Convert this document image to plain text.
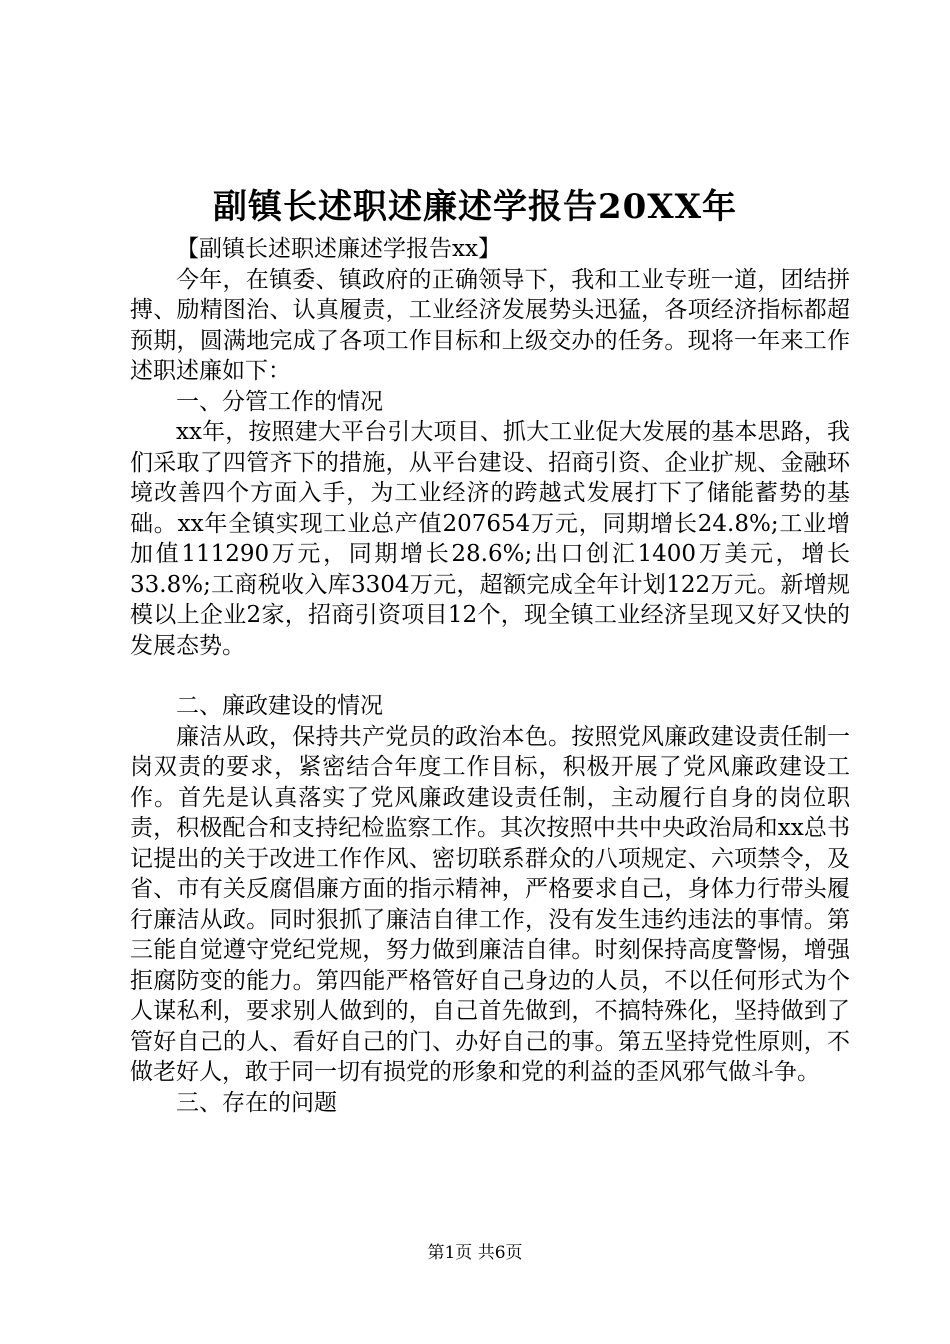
副镇长述职述廉述学报告20XX年

【副镇长述职述廉述学报告xx】

今年，在镇委、镇政府的正确领导下，我和工业专班一道，团结拼搏、励精图治、认真履责，工业经济发展势头迅猛，各项经济指标都超预期，圆满地完成了各项工作目标和上级交办的任务。现将一年来工作述职述廉如下：

一、分管工作的情况

xx年，按照建大平台引大项目、抓大工业促大发展的基本思路，我们采取了四管齐下的措施，从平台建设、招商引资、企业扩规、金融环境改善四个方面入手，为工业经济的跨越式发展打下了储能蓄势的基础。xx年全镇实现工业总产值207654万元，同期增长24.8%;工业增加值111290万元，同期增长28.6%;出口创汇1400万美元，增长33.8%;工商税收入库3304万元，超额完成全年计划122万元。新增规模以上企业2家，招商引资项目12个，现全镇工业经济呈现又好又快的发展态势。

二、廉政建设的情况

廉洁从政，保持共产党员的政治本色。按照党风廉政建设责任制一岗双责的要求，紧密结合年度工作目标，积极开展了党风廉政建设工作。首先是认真落实了党风廉政建设责任制，主动履行自身的岗位职责，积极配合和支持纪检监察工作。其次按照中共中央政治局和xx总书记提出的关于改进工作作风、密切联系群众的八项规定、六项禁令，及省、市有关反腐倡廉方面的指示精神，严格要求自己，身体力行带头履行廉洁从政。同时狠抓了廉洁自律工作，没有发生违约违法的事情。第三能自觉遵守党纪党规，努力做到廉洁自律。时刻保持高度警惕，增强拒腐防变的能力。第四能严格管好自己身边的人员，不以任何形式为个人谋私利，要求别人做到的，自己首先做到，不搞特殊化，坚持做到了管好自己的人、看好自己的门、办好自己的事。第五坚持党性原则，不做老好人，敢于同一切有损党的形象和党的利益的歪风邪气做斗争。

三、存在的问题

第1页 共6页
